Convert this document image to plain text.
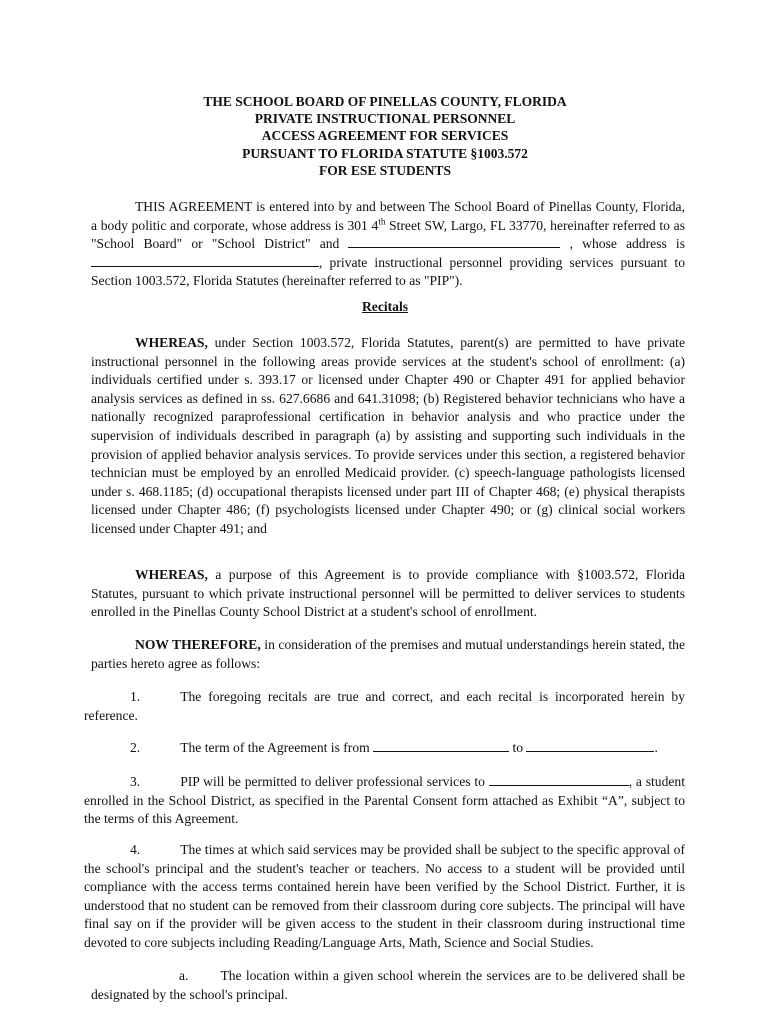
THE SCHOOL BOARD OF PINELLAS COUNTY, FLORIDA
PRIVATE INSTRUCTIONAL PERSONNEL
ACCESS AGREEMENT FOR SERVICES
PURSUANT TO FLORIDA STATUTE §1003.572
FOR ESE STUDENTS
THIS AGREEMENT is entered into by and between The School Board of Pinellas County, Florida, a body politic and corporate, whose address is 301 4th Street SW, Largo, FL 33770, hereinafter referred to as "School Board" or "School District" and	, whose address is , private instructional personnel providing services pursuant to Section 1003.572, Florida Statutes (hereinafter referred to as "PIP").
Recitals
WHEREAS, under Section 1003.572, Florida Statutes, parent(s) are permitted to have private instructional personnel in the following areas provide services at the student's school of enrollment: (a) individuals certified under s. 393.17 or licensed under Chapter 490 or Chapter 491 for applied behavior analysis services as defined in ss. 627.6686 and 641.31098; (b) Registered behavior technicians who have a nationally recognized paraprofessional certification in behavior analysis and who practice under the supervision of individuals described in paragraph (a) by assisting and supporting such individuals in the provision of applied behavior analysis services. To provide services under this section, a registered behavior technician must be employed by an enrolled Medicaid provider. (c) speech-language pathologists licensed under s. 468.1185; (d) occupational therapists licensed under part III of Chapter 468; (e) physical therapists licensed under Chapter 486; (f) psychologists licensed under Chapter 490; or (g) clinical social workers licensed under Chapter 491; and
WHEREAS, a purpose of this Agreement is to provide compliance with §1003.572, Florida Statutes, pursuant to which private instructional personnel will be permitted to deliver services to students enrolled in the Pinellas County School District at a student's school of enrollment.
NOW THEREFORE, in consideration of the premises and mutual understandings herein stated, the parties hereto agree as follows:
1.	The foregoing recitals are true and correct, and each recital is incorporated herein by reference.
2.	The term of the Agreement is from	to	.
3.	PIP will be permitted to deliver professional services to	, a student enrolled in the School District, as specified in the Parental Consent form attached as Exhibit “A”, subject to the terms of this Agreement.
4.	The times at which said services may be provided shall be subject to the specific approval of the school's principal and the student's teacher or teachers. No access to a student will be provided until compliance with the access terms contained herein have been verified by the School District. Further, it is understood that no student can be removed from their classroom during core subjects. The principal will have final say on if the provider will be given access to the student in their classroom during instructional time devoted to core subjects including Reading/Language Arts, Math, Science and Social Studies.
a. The location within a given school wherein the services are to be delivered shall be designated by the school's principal.
